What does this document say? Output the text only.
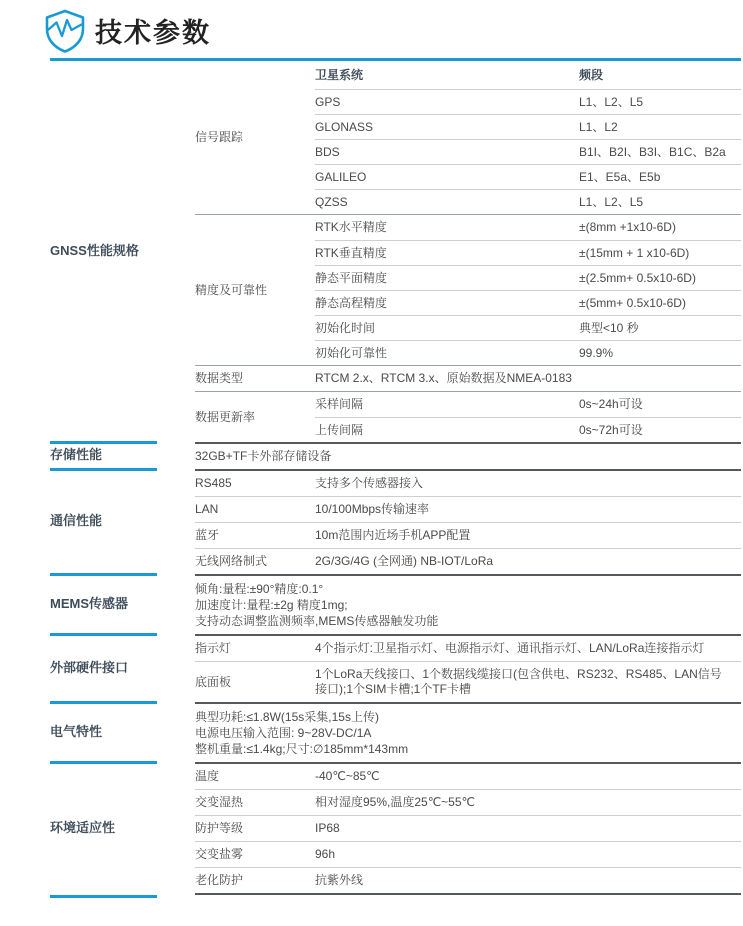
技术参数
GNSS性能规格
信号跟踪
卫星系统	频段
GPS	L1、L2、L5
GLONASS	L1、L2
BDS	B1I、B2I、B3I、B1C、B2a
GALILEO	E1、E5a、E5b
QZSS	L1、L2、L5
精度及可靠性
RTK水平精度	±(8mm +1x10-6D)
RTK垂直精度	±(15mm + 1 x10-6D)
静态平面精度	±(2.5mm+ 0.5x10-6D)
静态高程精度	±(5mm+ 0.5x10-6D)
初始化时间	典型<10 秒
初始化可靠性	99.9%
数据类型	RTCM 2.x、RTCM 3.x、原始数据及NMEA-0183
数据更新率
采样间隔	0s~24h可设
上传间隔	0s~72h可设
存储性能	32GB+TF卡外部存储设备
通信性能
RS485	支持多个传感器接入
LAN	10/100Mbps传输速率
蓝牙	10m范围内近场手机APP配置
无线网络制式	2G/3G/4G (全网通) NB-IOT/LoRa
MEMS传感器
倾角:量程:±90°精度:0.1°
加速度计:量程:±2g 精度1mg;
支持动态调整监测频率,MEMS传感器触发功能
外部硬件接口
指示灯	4个指示灯:卫星指示灯、电源指示灯、通讯指示灯、LAN/LoRa连接指示灯
底面板
1个LoRa天线接口、1个数据线缆接口(包含供电、RS232、RS485、LAN信号接口);1个SIM卡槽;1个TF卡槽
电气特性
典型功耗:≤1.8W(15s采集,15s上传)
电源电压输入范围: 9~28V-DC/1A
整机重量:≤1.4kg;尺寸:∅185mm*143mm
环境适应性
温度	-40℃~85℃
交变湿热	相对湿度95%,温度25℃~55℃
防护等级	IP68
交变盐雾	96h
老化防护	抗紫外线
